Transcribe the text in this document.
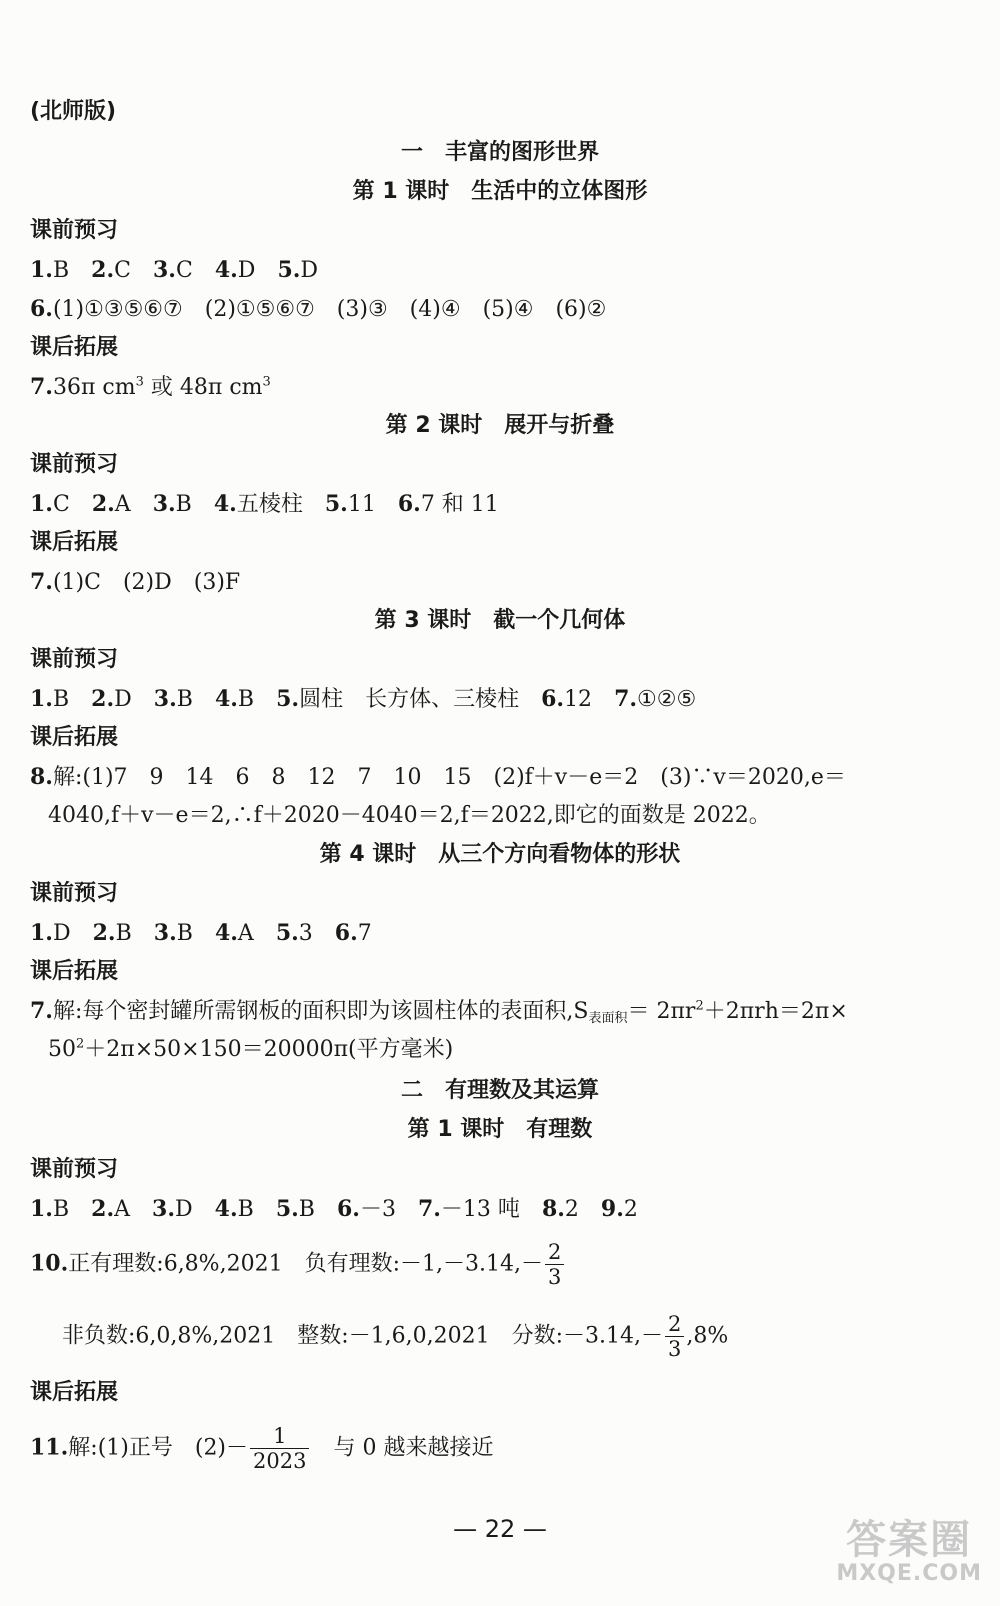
(北师版)
一　丰富的图形世界
第 1 课时　生活中的立体图形
课前预习
1.B　 2.C　 3.C　 4.D　 5.D
6.(1)①③⑤⑥⑦　(2)①⑤⑥⑦　(3)③　(4)④　(5)④　(6)②
课后拓展
7.36π $cm^3$ 或 48π $cm^3$
第 2 课时　展开与折叠
课前预习
1.C　 2.A　 3.B　 4.五棱柱　 5.11　 6.7 和 11
课后拓展
7.(1)C　(2)D　(3)F
第 3 课时　截一个几何体
课前预习
1.B　 2.D　 3.B　 4.B　 5.圆柱　长方体、三棱柱　 6.12　 7.①②⑤
课后拓展
8.解:(1)7　9　14　6　8　12　7　10　15　(2)f＋v－e＝2　(3)∵v＝2020,e＝
4040,f＋v－e＝2,∴f＋2020－4040＝2,f＝2022,即它的面数是 2022。
第 4 课时　从三个方向看物体的形状
课前预习
1.D　 2.B　 3.B　 4.A　 5.3　 6.7
课后拓展
7.解:每个密封罐所需钢板的面积即为该圆柱体的表面积$,S_{表面积}= 2\pi r^2+2\pi rh=2\pi\times$
$50^2+2\pi\times 50\times 150=20000\pi$(平方毫米)
二　有理数及其运算
第 1 课时　有理数
课前预习
1.B　 2.A　 3.D　 4.B　 5.B　 6.－3　 7.－13 吨　 8.2　 9.2
10.正有理数:6,8%,2021　负有理数:－1,－3.14,－ $\frac{2}{3}$
非负数:6,0,8%,2021　整数:－1,6,0,2021　分数:－3.14,－ $\frac{2}{3} ,8\%$
课后拓展
11.解:(1)正号　$(2)- \frac{1}{2023}$ 　与 0 越来越接近
— 22 —	答案圈
MXQE.COM
